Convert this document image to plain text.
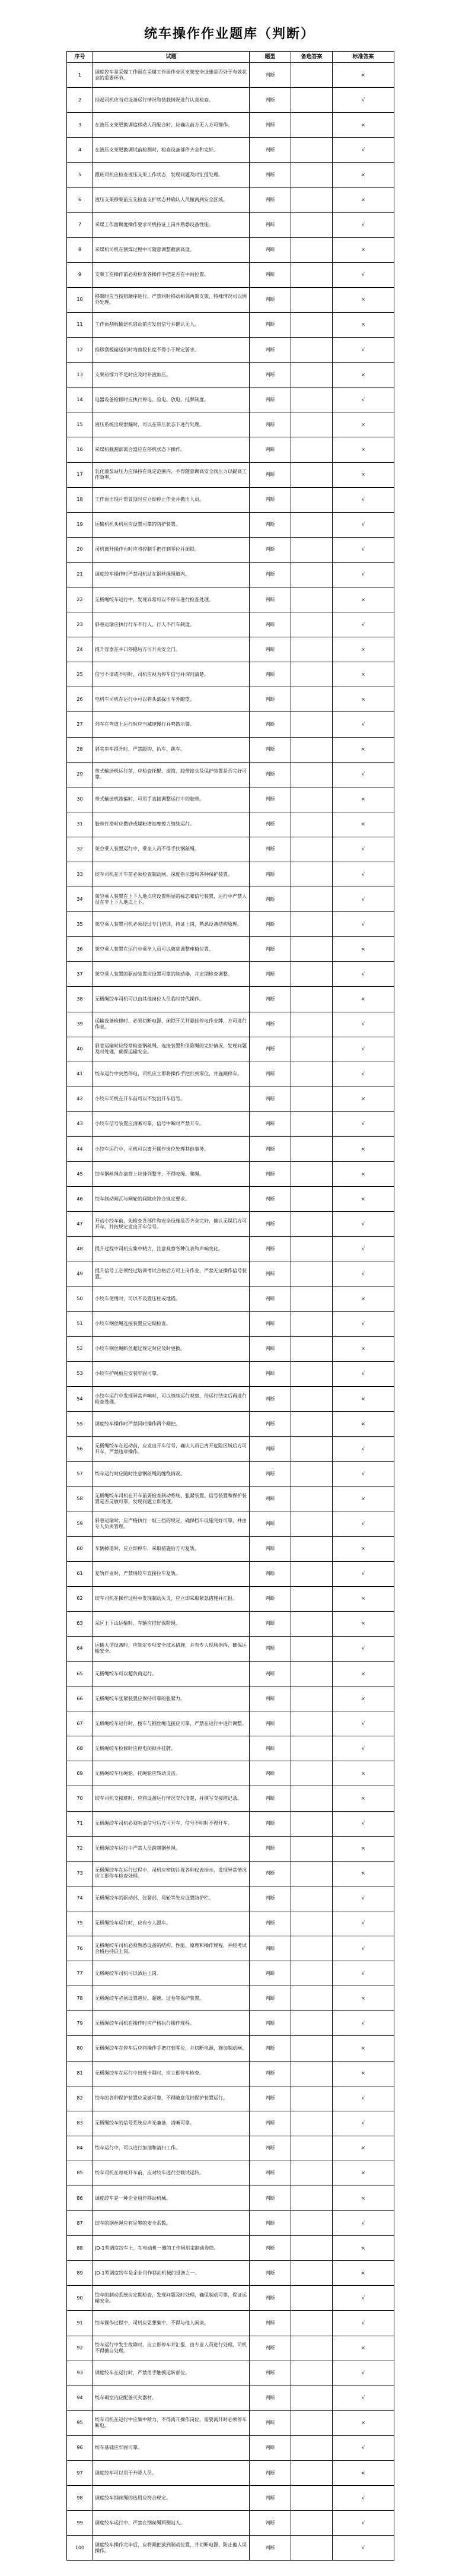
统车操作作业题库（判断）
序号	试题	题型	备选答案	标准答案
1	调度控车是采煤工作面在采煤工作面作业区支架安全设施是否处于有效状态的重要环节。	判断		×
2	挂起司机应当对设备运行情况和装载情况进行认真检查。	判断		√
3	在液压支架更换调度移动人员配合时，应确认前方无人方可操作。	判断		×
4	在液压支架更换调试前检测时，检查设备部件齐全和完好。	判断		√
5	跟班司机应检查液压支架工作状态，发现问题及时汇报处理。	判断		×
6	液压支架移架前应先检查支护状态并确认人员撤离到安全区域。	判断		×
7	采煤工作面调度操作要求司机持证上岗并熟悉设备性能。	判断		√
8	采煤机司机在割煤过程中可随意调整截割高度。	判断		×
9	支架工在操作前必须检查各操作手把是否在中间位置。	判断		√
10	移架时应当按照顺序进行，严禁同时移动相邻两架支架，特殊情况可以例外处理。	判断		×
11	工作面刮板输送机启动前应发出信号并确认无人。	判断		×
12	推移刮板输送机时弯曲段长度不得小于规定要求。	判断		√
13	支架初撑力不足时应及时补液加压。	判断		×
14	电器设备检修时应执行停电、验电、放电、挂牌制度。	判断		√
15	液压系统出现泄漏时，可以在带压状态下进行处理。	判断		×
16	采煤机截割部离合器应在停机状态下操作。	判断		×
17	乳化液泵站压力应保持在规定范围内，不得随意调高安全阀压力以提高工作效率。	判断		×
18	工作面出现片帮冒顶时应立即停止作业并撤出人员。	判断		√
19	运输机机头机尾应设置可靠的防护装置。	判断		√
20	司机离开操作台时应将控制手把打到零位并闭锁。	判断		√
21	调度绞车操作时严禁司机站在钢丝绳绳道内。	判断		√
22	无极绳绞车运行中，发现异常可以不停车进行检查处理。	判断		×
23	斜巷运输应执行行车不行人、行人不行车制度。	判断		√
24	提升容器在井口停稳后方可开关安全门。	判断		×
25	信号不清或不明时，司机应视为停车信号并询问清楚。	判断		×
26	电机车司机在运行中可以将头部探出车外瞭望。	判断		×
27	列车在弯道上运行时应当减速慢行并鸣笛示警。	判断		√
28	斜巷串车提升时，严禁蹬钩、扒车、跳车。	判断		×
29	带式输送机运行前，应检查托辊、滚筒、胶带接头及保护装置是否完好可靠。	判断		√
30	带式输送机跑偏时，可用手直接调整运行中的胶带。	判断		×
31	胶带打滑时应撒砂或煤粉增加摩擦力继续运行。	判断		×
32	架空乘人装置运行中，乘坐人员不得手扶钢丝绳。	判断		√
33	绞车司机在开车前必须检查制动闸、深度指示器和各种保护装置。	判断		√
34	架空乘人装置在上下人地点应设置明显的标志和信号装置，运行中严禁人员在非上下人地点上下。	判断		√
35	架空乘人装置司机必须经过专门培训，持证上岗，熟悉设备结构原理。	判断		√
36	架空乘人装置在运行中乘坐人员可以随意调整座椅位置。	判断		×
37	架空乘人装置的驱动装置应设置可靠的制动器，并定期检查调整。	判断		√
38	无极绳绞车司机可以由其他岗位人员临时替代操作。	判断		×
39	运输设备检修时，必须切断电源，闭锁开关并悬挂停电作业牌，方可进行作业。	判断		√
40	斜巷运输时应经常检查钢丝绳、连接装置和保险绳的完好情况，发现问题及时处理，确保运输安全。	判断		√
41	绞车运行中突然停电，司机应立即将操作手把打到零位，并施闸停车。	判断		√
42	小绞车司机在开车前可以不发出开车信号。	判断		×
43	小绞车信号装置应清晰可靠，信号中断时严禁开车。	判断		√
44	小绞车运行中，司机可以离开操作岗位处理其他事务。	判断		×
45	绞车钢丝绳在滚筒上应排列整齐，不得咬绳、爬绳。	判断		×
46	绞车制动闸瓦与闸轮的间隙应符合规定要求。	判断		×
47	开动小绞车前，先检查各部件和安全设施是否齐全完好，确认无误后方可开车，并按规定发出开车信号。	判断		√
48	提升过程中司机应集中精力，注意观察各种仪表和声响变化。	判断		√
49	提升信号工必须经过培训考试合格后方可上岗作业，严禁无证操作信号装置。	判断		√
50	小绞车使用时，可以不设置压柱或地锚。	判断		×
51	小绞车钢丝绳连接装置应定期检查。	判断		√
52	小绞车钢丝绳断丝超过规定时应及时更换。	判断		×
53	小绞车护绳板应安装牢固可靠。	判断		√
54	小绞车运行中发现异常声响时，可以继续运行观察，待运行结束后再进行检查处理。	判断		×
55	调度绞车操作时严禁同时操作两个闸把。	判断		×
56	无极绳绞车在起动前，应发出开车信号，确认人员已离开危险区域后方可开车，严禁违章操作。	判断		√
57	绞车运行时应随时注意钢丝绳的缠绕情况。	判断		√
58	无极绳绞车司机在开车前要检查制动系统、张紧装置、信号装置和保护装置是否灵敏可靠，发现问题立即处理。	判断		×
59	斜巷运输时，应严格执行一坡三挡的规定，确保挡车设施完好可靠，并由专人负责管理。	判断		√
60	车辆掉道时，应立即停车，采取措施后方可复轨。	判断		×
61	复轨作业时，严禁用绞车直接拉车复轨。	判断		√
62	绞车司机在操作过程中发现制动失灵，应立即采取紧急措施并汇报。	判断		×
63	采区上下山运输时，车辆应挂好保险绳。	判断		×
64	运输大型设备时，应制定专项安全技术措施，并有专人现场指挥，确保运输安全。	判断		√
65	无极绳绞车可以超负荷运行。	判断		×
66	无极绳绞车张紧装置应保持可靠的张紧力。	判断		×
67	无极绳绞车运行时，梭车与钢丝绳连接应可靠，严禁在运行中进行调整。	判断		√
68	无极绳绞车检修时应停电闭锁并挂牌。	判断		√
69	无极绳绞车压绳轮、托绳轮应转动灵活。	判断		×
70	绞车司机交接班时，应将设备运行情况交代清楚，并填写交接班记录。	判断		×
71	无极绳绞车司机必须听清信号后方可开车，信号不明时不得开车。	判断		√
72	无极绳绞车运行中严禁人员跨越钢丝绳。	判断		×
73	无极绳绞车在运行过程中，司机应密切注视各种仪表指示，发现异常情况应立即停车检查处理。	判断		×
74	无极绳绞车的驱动部、张紧部、尾轮等处应设置防护栏。	判断		√
75	无极绳绞车运行时，应有专人跟车。	判断		√
76	无极绳绞车司机必须熟悉设备的结构、性能、原理和操作规程，并经考试合格后持证上岗。	判断		√
77	无极绳绞车司机可以酒后上岗。	判断		√
78	无极绳绞车必须设置越位、超速、过卷等保护装置。	判断		×
79	无极绳绞车司机在操作时应严格执行操作规程。	判断		√
80	无极绳绞车在停车后应将操作手把打到零位，并切断电源，施加制动闸。	判断		×
81	无极绳绞车在运行中出现卡阻时，应立即停车检查。	判断		×
82	绞车的各种保护装置应灵敏可靠，不得随意甩掉保护装置运行。	判断		√
83	无极绳绞车的信号系统应声光兼备，清晰可靠。	判断		√
84	绞车运行中，可以进行加油和清扫工作。	判断		×
85	绞车司机在每班开车前，应对绞车进行空载试运转。	判断		×
86	调度绞车是一种企业用作移动机械。	判断		×
87	绞车的钢丝绳应有足够的安全系数。	判断		√
88	JD-1型调度绞车上，在电动机一侧的工作闸用来制动卷筒。	判断		×
89	JD-1型调度绞车是企业用作移动机械的设备之一。	判断		×
90	绞车的制动系统应定期检查，发现问题及时处理，确保制动可靠，保证运输安全。	判断		√
91	绞车操作过程中，司机应思想集中，不得与他人闲谈。	判断		√
92	绞车运行中发生故障时，应立即停车并汇报，由专业人员进行处理，司机不得擅自处理。	判断		×
93	调度绞车在运行时，严禁用手触摸运转部位。	判断		√
94	绞车硐室内应配备灭火器材。	判断		√
95	绞车司机在运行中应集中精力，不得离开操作岗位，需要离开时必须停车断电。	判断		×
96	绞车基础应牢固可靠。	判断		√
97	调度绞车可以用于升降人员。	判断		×
98	调度绞车钢丝绳的选用应符合规定。	判断		√
99	调度绞车运行中，严禁在钢丝绳两侧站人。	判断		√
100	调度绞车操作完毕后，应将闸把放到制动位置，并切断电源，防止他人误操作。	判断		√
